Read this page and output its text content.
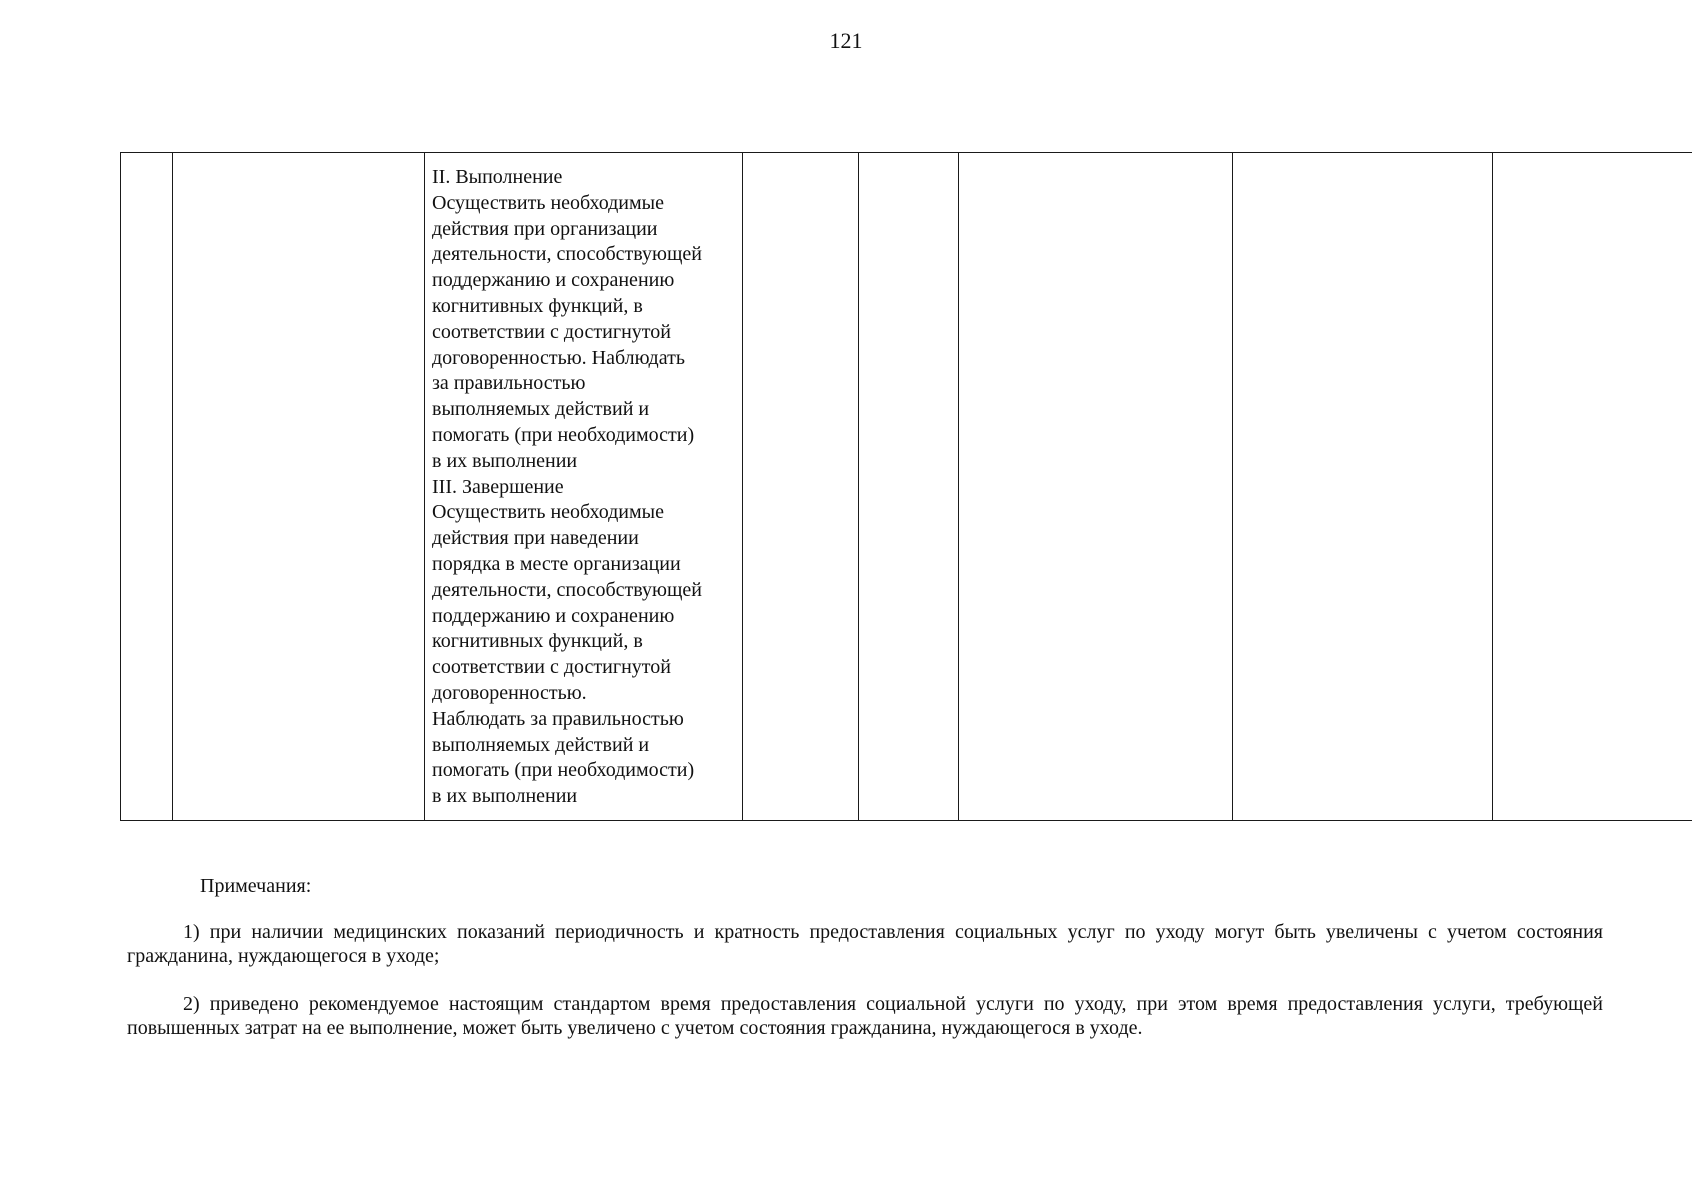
121

II. Выполнение

Осуществить необходимые

действия при организации

деятельности, способствующей

поддержанию и сохранению

когнитивных функций, в

соответствии с достигнутой

договоренностью. Наблюдать

за правильностью

выполняемых действий и

помогать (при необходимости)

в их выполнении

III. Завершение

Осуществить необходимые

действия при наведении

порядка в месте организации

деятельности, способствующей

поддержанию и сохранению

когнитивных функций, в

соответствии с достигнутой

договоренностью.

Наблюдать за правильностью

выполняемых действий и

помогать (при необходимости)

в их выполнении

Примечания:

1) при наличии медицинских показаний периодичность и кратность предоставления социальных услуг по уходу могут быть увеличены с учетом состояния гражданина, нуждающегося в уходе;

2) приведено рекомендуемое настоящим стандартом время предоставления социальной услуги по уходу, при этом время предоставления услуги, требующей повышенных затрат на ее выполнение, может быть увеличено с учетом состояния гражданина, нуждающегося в уходе.
